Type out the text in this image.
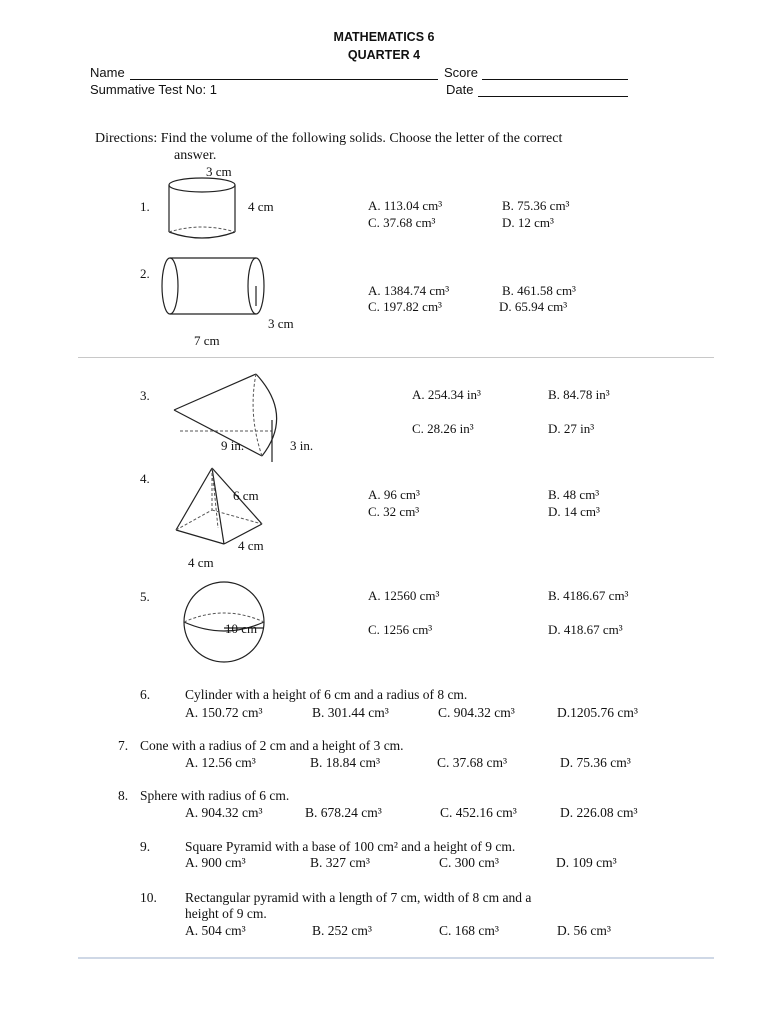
MATHEMATICS 6
QUARTER 4
Name	Score
Summative Test No: 1	Date
Directions: Find the volume of the following solids. Choose the letter of the correct
answer.
1.
3 cm
4 cm	A. 113.04 cm³	B. 75.36 cm³
C. 37.68 cm³	D. 12 cm³
2.
3 cm
7 cm
A. 1384.74 cm³	B. 461.58 cm³
C. 197.82 cm³	D. 65.94 cm³
3.
9 in.	3 in.
A. 254.34 in³	B. 84.78 in³
C. 28.26 in³	D. 27 in³
4.
6 cm
4 cm
4 cm
A. 96 cm³	B. 48 cm³
C. 32 cm³	D. 14 cm³
5.
10 cm
A. 12560 cm³	B. 4186.67 cm³
C. 1256 cm³	D. 418.67 cm³
6.	Cylinder with a height of 6 cm and a radius of 8 cm.
A. 150.72 cm³	B. 301.44 cm³	C. 904.32 cm³	D.1205.76 cm³
7. Cone with a radius of 2 cm and a height of 3 cm.
A. 12.56 cm³	B. 18.84 cm³	C. 37.68 cm³	D. 75.36 cm³
8. Sphere with radius of 6 cm.
A. 904.32 cm³	B. 678.24 cm³	C. 452.16 cm³	D. 226.08 cm³
9.	Square Pyramid with a base of 100 cm² and a height of 9 cm.
A. 900 cm³	B. 327 cm³	C. 300 cm³	D. 109 cm³
10. Rectangular pyramid with a length of 7 cm, width of 8 cm and a
height of 9 cm.
A. 504 cm³	B. 252 cm³	C. 168 cm³	D. 56 cm³
